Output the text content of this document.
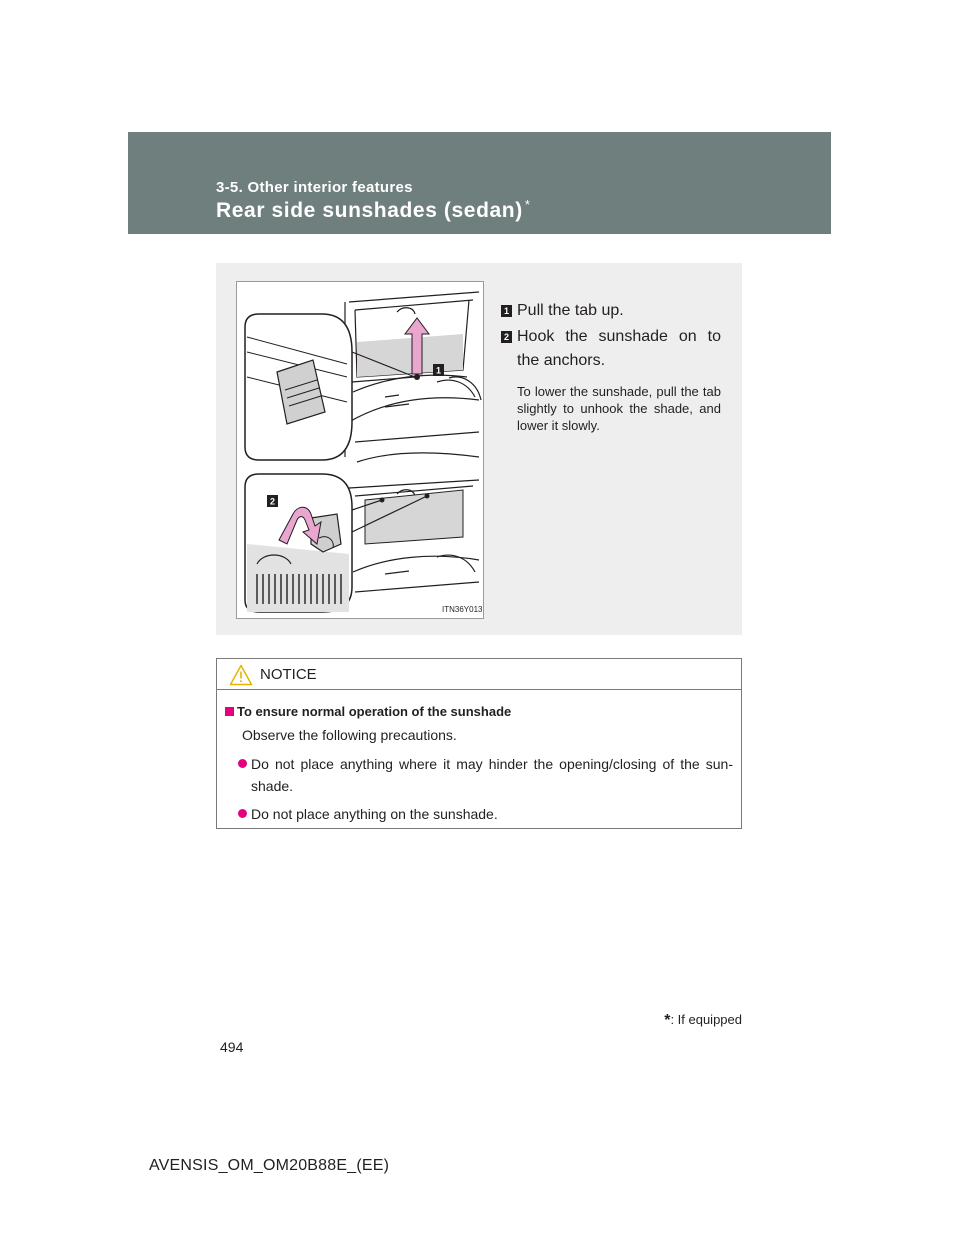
3-5. Other interior features
Rear side sunshades (sedan) *
1
2
ITN36Y013
1 Pull the tab up.
2 Hook the sunshade on to the anchors.
To lower the sunshade, pull the tab slightly to unhook the shade, and lower it slowly.
NOTICE
To ensure normal operation of the sunshade
Observe the following precautions.
Do not place anything where it may hinder the opening/closing of the sun-shade.
Do not place anything on the sunshade.
*: If equipped
494
AVENSIS_OM_OM20B88E_(EE)
